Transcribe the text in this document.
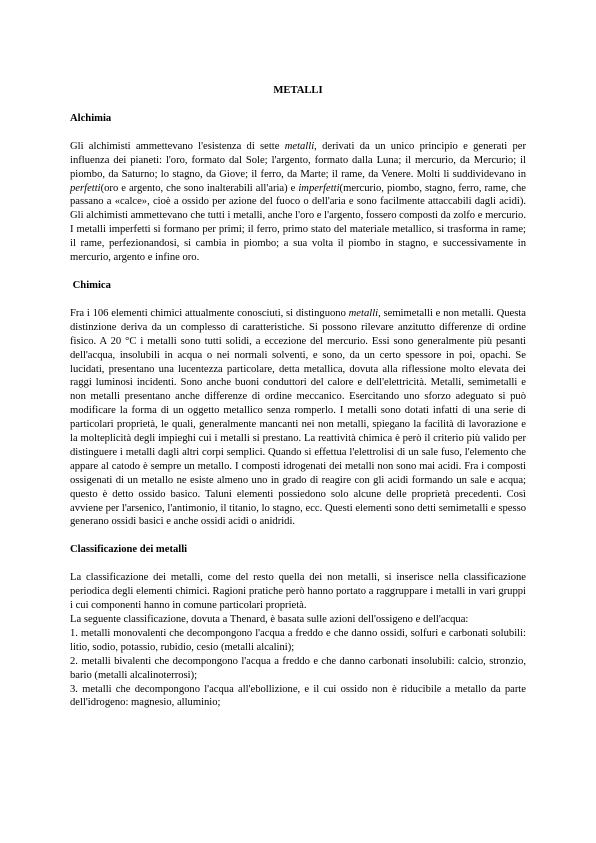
METALLI
Alchimia

Gli alchimisti ammettevano l'esistenza di sette metalli, derivati da un unico principio e generati per influenza dei pianeti: l'oro, formato dal Sole; l'argento, formato dalla Luna; il mercurio, da Mercurio; il piombo, da Saturno; lo stagno, da Giove; il ferro, da Marte; il rame, da Venere. Molti li suddividevano in perfetti(oro e argento, che sono inalterabili all'aria) e imperfetti(mercurio, piombo, stagno, ferro, rame, che passano a «calce», cioè a ossido per azione del fuoco o dell'aria e sono facilmente attaccabili dagli acidi). Gli alchimisti ammettevano che tutti i metalli, anche l'oro e l'argento, fossero composti da zolfo e mercurio. I metalli imperfetti si formano per primi; il ferro, primo stato del materiale metallico, si trasforma in rame; il rame, perfezionandosi, si cambia in piombo; a sua volta il piombo in stagno, e successivamente in mercurio, argento e infine oro.

Chimica

Fra i 106 elementi chimici attualmente conosciuti, si distinguono metalli, semimetalli e non metalli. Questa distinzione deriva da un complesso di caratteristiche. Si possono rilevare anzitutto differenze di ordine fisico. A 20 °C i metalli sono tutti solidi, a eccezione del mercurio. Essi sono generalmente più pesanti dell'acqua, insolubili in acqua o nei normali solventi, e sono, da un certo spessore in poi, opachi. Se lucidati, presentano una lucentezza particolare, detta metallica, dovuta alla riflessione molto elevata dei raggi luminosi incidenti. Sono anche buoni conduttori del calore e dell'elettricità. Metalli, semimetalli e non metalli presentano anche differenze di ordine meccanico. Esercitando uno sforzo adeguato si può modificare la forma di un oggetto metallico senza romperlo. I metalli sono dotati infatti di una serie di particolari proprietà, le quali, generalmente mancanti nei non metalli, spiegano la facilità di lavorazione e la molteplicità degli impieghi cui i metalli si prestano. La reattività chimica è però il criterio più valido per distinguere i metalli dagli altri corpi semplici. Quando si effettua l'elettrolisi di un sale fuso, l'elemento che appare al catodo è sempre un metallo. I composti idrogenati dei metalli non sono mai acidi. Fra i composti ossigenati di un metallo ne esiste almeno uno in grado di reagire con gli acidi formando un sale e acqua; questo è detto ossido basico. Taluni elementi possiedono solo alcune delle proprietà precedenti. Così avviene per l'arsenico, l'antimonio, il titanio, lo stagno, ecc. Questi elementi sono detti semimetalli e spesso generano ossidi basici e anche ossidi acidi o anidridi.

Classificazione dei metalli

La classificazione dei metalli, come del resto quella dei non metalli, si inserisce nella classificazione periodica degli elementi chimici. Ragioni pratiche però hanno portato a raggruppare i metalli in vari gruppi i cui componenti hanno in comune particolari proprietà.

La seguente classificazione, dovuta a Thenard, è basata sulle azioni dell'ossigeno e dell'acqua:

1. metalli monovalenti che decompongono l'acqua a freddo e che danno ossidi, solfuri e carbonati solubili: litio, sodio, potassio, rubidio, cesio (metalli alcalini);

2. metalli bivalenti che decompongono l'acqua a freddo e che danno carbonati insolubili: calcio, stronzio, bario (metalli alcalinoterrosi);

3. metalli che decompongono l'acqua all'ebollizione, e il cui ossido non è riducibile a metallo da parte dell'idrogeno: magnesio, alluminio;
